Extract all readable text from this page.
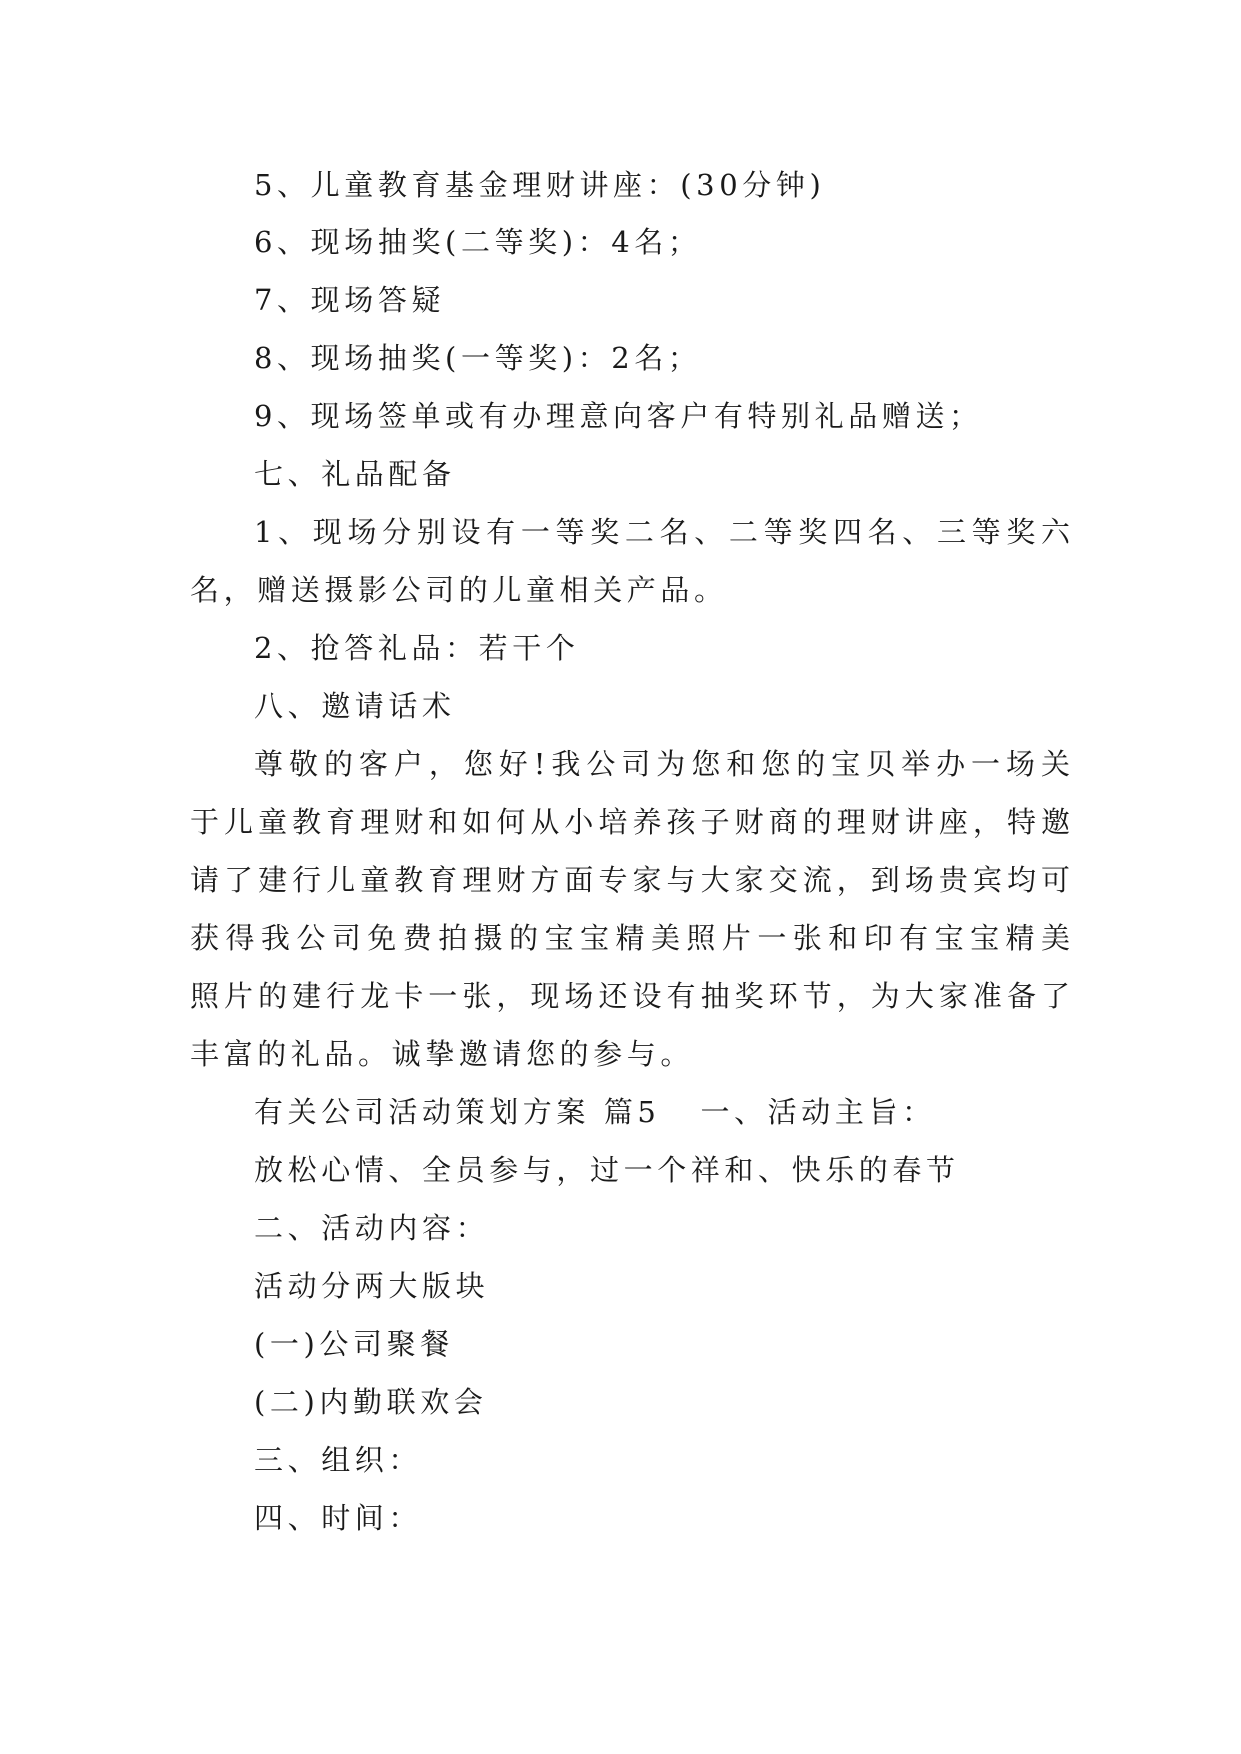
5、儿童教育基金理财讲座：(30分钟)
6、现场抽奖(二等奖)：4名；
7、现场答疑
8、现场抽奖(一等奖)：2名；
9、现场签单或有办理意向客户有特别礼品赠送；
七、礼品配备
1、现场分别设有一等奖二名、二等奖四名、三等奖六
名，赠送摄影公司的儿童相关产品。
2、抢答礼品：若干个
八、邀请话术
尊敬的客户，您好!我公司为您和您的宝贝举办一场关
于儿童教育理财和如何从小培养孩子财商的理财讲座，特邀
请了建行儿童教育理财方面专家与大家交流，到场贵宾均可
获得我公司免费拍摄的宝宝精美照片一张和印有宝宝精美
照片的建行龙卡一张，现场还设有抽奖环节，为大家准备了
丰富的礼品。诚挚邀请您的参与。
有关公司活动策划方案 篇5 一、活动主旨：
放松心情、全员参与，过一个祥和、快乐的春节
二、活动内容：
活动分两大版块
(一)公司聚餐
(二)内勤联欢会
三、组织：
四、时间：
